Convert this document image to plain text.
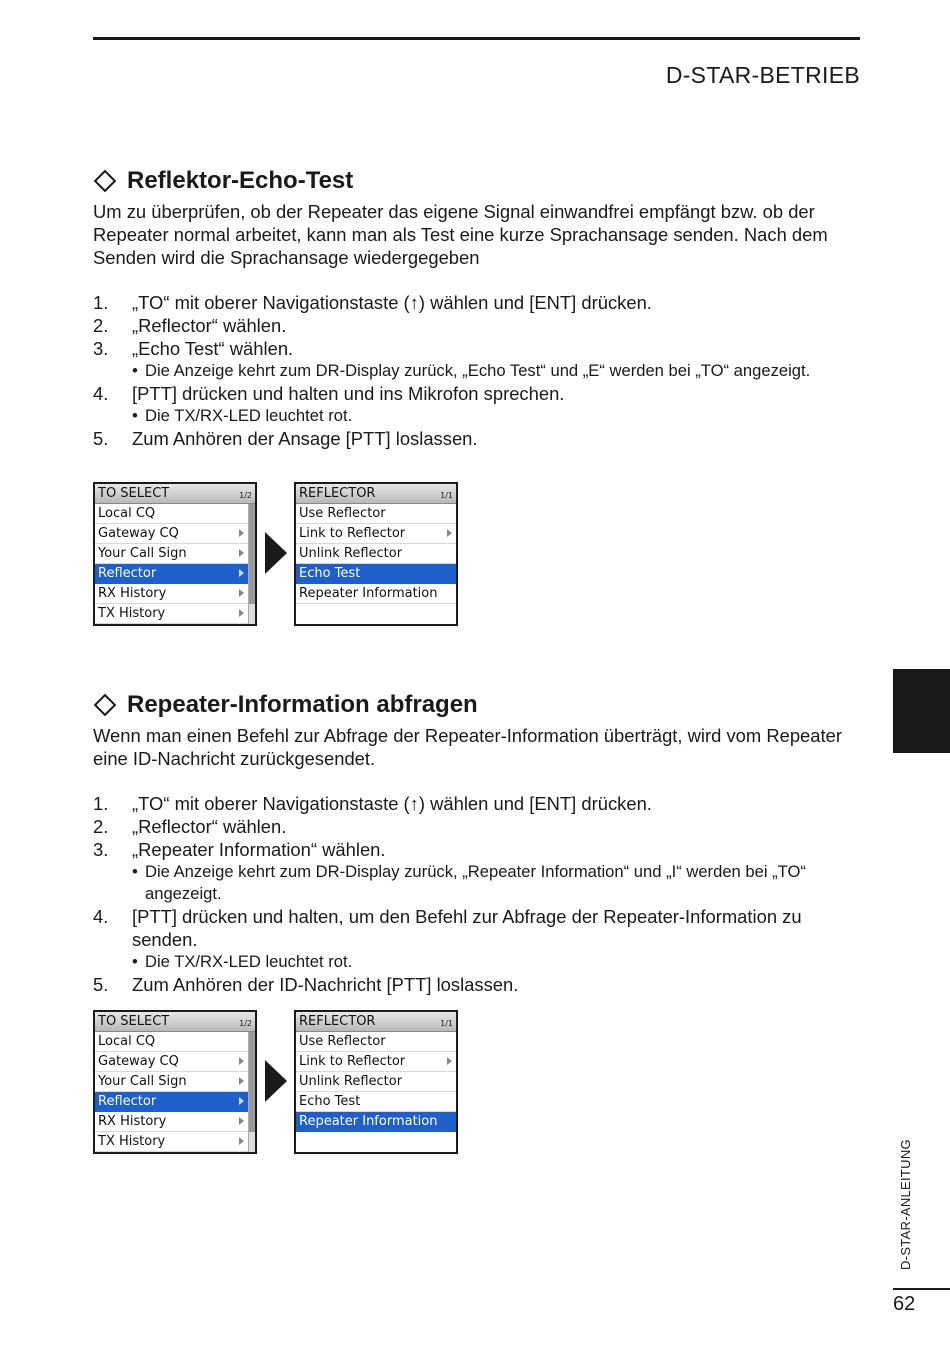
D-STAR-BETRIEB
Reflektor-Echo-Test
Um zu überprüfen, ob der Repeater das eigene Signal einwandfrei empfängt bzw. ob der Repeater normal arbeitet, kann man als Test eine kurze Sprachansage senden. Nach dem Senden wird die Sprachansage wiedergegeben
1.	„TO“ mit oberer Navigationstaste (↑) wählen und [ENT] drücken.
2.	„Reflector“ wählen.
3.	„Echo Test“ wählen.
• Die Anzeige kehrt zum DR-Display zurück, „Echo Test“ und „E“ werden bei „TO“ angezeigt.
4.	[PTT] drücken und halten und ins Mikrofon sprechen.
• Die TX/RX-LED leuchtet rot.
5.	Zum Anhören der Ansage [PTT] loslassen.
TO SELECT	1/2
Local CQ
Gateway CQ
Your Call Sign
Reflector
RX History
TX History
REFLECTOR	1/1
Use Reflector
Link to Reflector
Unlink Reflector
Echo Test
Repeater Information
Repeater-Information abfragen
Wenn man einen Befehl zur Abfrage der Repeater-Information überträgt, wird vom Repeater eine ID-Nachricht zurückgesendet.
1.	„TO“ mit oberer Navigationstaste (↑) wählen und [ENT] drücken.
2.	„Reflector“ wählen.
3.	„Repeater Information“ wählen.
• Die Anzeige kehrt zum DR-Display zurück, „Repeater Information“ und „I“ werden bei „TO“ angezeigt.
4.	[PTT] drücken und halten, um den Befehl zur Abfrage der Repeater-Information zu senden.
• Die TX/RX-LED leuchtet rot.
5.	Zum Anhören der ID-Nachricht [PTT] loslassen.
TO SELECT	1/2
Local CQ
Gateway CQ
Your Call Sign
Reflector
RX History
TX History
REFLECTOR	1/1
Use Reflector
Link to Reflector
Unlink Reflector
Echo Test
Repeater Information
D-STAR-ANLEITUNG
62
